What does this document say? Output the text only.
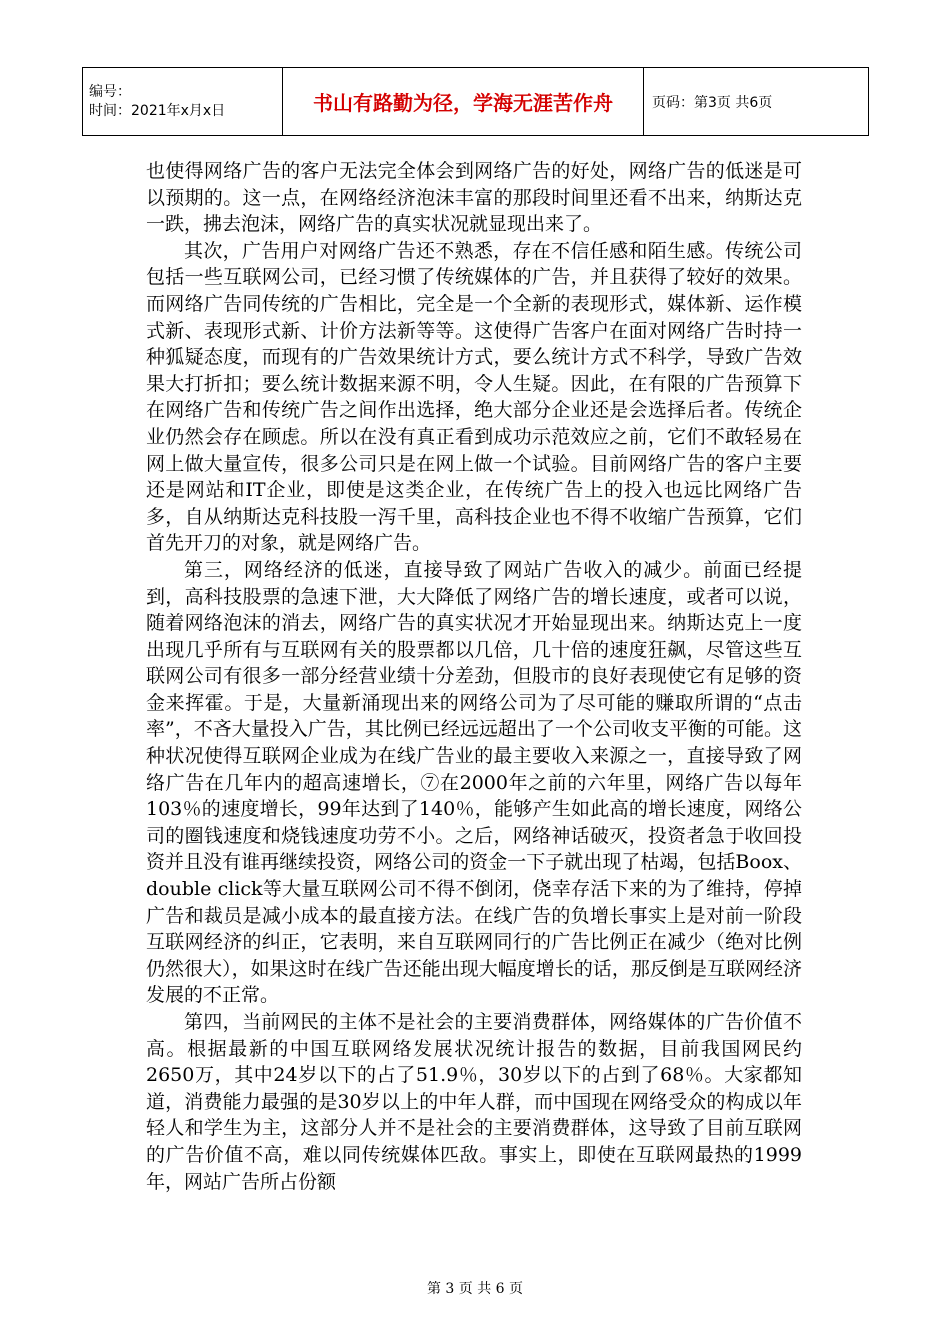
编号：
时间：2021年x月x日	书山有路勤为径，学海无涯苦作舟	页码：第3页 共6页

也使得网络广告的客户无法完全体会到网络广告的好处，网络广告的低迷是可以预期的。这一点，在网络经济泡沫丰富的那段时间里还看不出来，纳斯达克一跌，拂去泡沫，网络广告的真实状况就显现出来了。

其次，广告用户对网络广告还不熟悉，存在不信任感和陌生感。传统公司包括一些互联网公司，已经习惯了传统媒体的广告，并且获得了较好的效果。而网络广告同传统的广告相比，完全是一个全新的表现形式，媒体新、运作模式新、表现形式新、计价方法新等等。这使得广告客户在面对网络广告时持一种狐疑态度，而现有的广告效果统计方式，要么统计方式不科学，导致广告效果大打折扣；要么统计数据来源不明，令人生疑。因此，在有限的广告预算下在网络广告和传统广告之间作出选择，绝大部分企业还是会选择后者。传统企业仍然会存在顾虑。所以在没有真正看到成功示范效应之前，它们不敢轻易在网上做大量宣传，很多公司只是在网上做一个试验。目前网络广告的客户主要还是网站和IT企业，即使是这类企业，在传统广告上的投入也远比网络广告多，自从纳斯达克科技股一泻千里，高科技企业也不得不收缩广告预算，它们首先开刀的对象，就是网络广告。

第三，网络经济的低迷，直接导致了网站广告收入的减少。前面已经提到，高科技股票的急速下泄，大大降低了网络广告的增长速度，或者可以说，随着网络泡沫的消去，网络广告的真实状况才开始显现出来。纳斯达克上一度出现几乎所有与互联网有关的股票都以几倍，几十倍的速度狂飙，尽管这些互联网公司有很多一部分经营业绩十分差劲，但股市的良好表现使它有足够的资金来挥霍。于是，大量新涌现出来的网络公司为了尽可能的赚取所谓的“点击率”，不吝大量投入广告，其比例已经远远超出了一个公司收支平衡的可能。这种状况使得互联网企业成为在线广告业的最主要收入来源之一，直接导致了网络广告在几年内的超高速增长，⑦在2000年之前的六年里，网络广告以每年103％的速度增长，99年达到了140％，能够产生如此高的增长速度，网络公司的圈钱速度和烧钱速度功劳不小。之后，网络神话破灭，投资者急于收回投资并且没有谁再继续投资，网络公司的资金一下子就出现了枯竭，包括Boox、double click等大量互联网公司不得不倒闭，侥幸存活下来的为了维持，停掉广告和裁员是减小成本的最直接方法。在线广告的负增长事实上是对前一阶段互联网经济的纠正，它表明，来自互联网同行的广告比例正在减少（绝对比例仍然很大），如果这时在线广告还能出现大幅度增长的话，那反倒是互联网经济发展的不正常。

第四，当前网民的主体不是社会的主要消费群体，网络媒体的广告价值不高。根据最新的中国互联网络发展状况统计报告的数据，目前我国网民约2650万，其中24岁以下的占了51.9％，30岁以下的占到了68％。大家都知道，消费能力最强的是30岁以上的中年人群，而中国现在网络受众的构成以年轻人和学生为主，这部分人并不是社会的主要消费群体，这导致了目前互联网的广告价值不高，难以同传统媒体匹敌。事实上，即使在互联网最热的1999年，网站广告所占份额

第 3 页 共 6 页
